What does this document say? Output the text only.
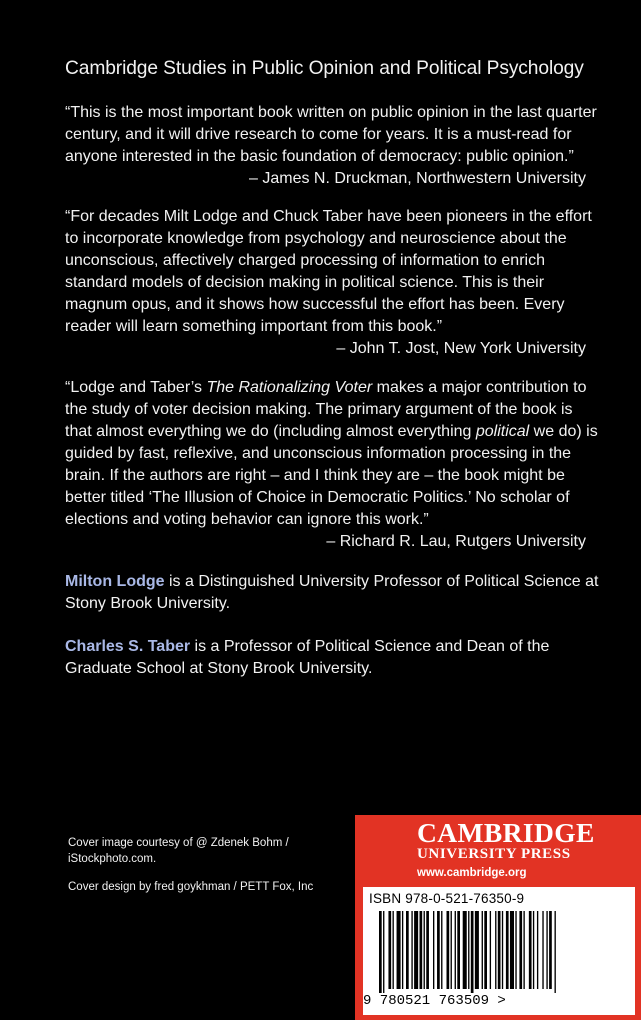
Cambridge Studies in Public Opinion and Political Psychology

“This is the most important book written on public opinion in the last quarter century, and it will drive research to come for years. It is a must-read for anyone interested in the basic foundation of democracy: public opinion.”

– James N. Druckman, Northwestern University

“For decades Milt Lodge and Chuck Taber have been pioneers in the effort to incorporate knowledge from psychology and neuroscience about the unconscious, affectively charged processing of information to enrich standard models of decision making in political science. This is their magnum opus, and it shows how successful the effort has been. Every reader will learn something important from this book.”

– John T. Jost, New York University

“Lodge and Taber’s The Rationalizing Voter makes a major contribution to the study of voter decision making. The primary argument of the book is that almost everything we do (including almost everything political we do) is guided by fast, reflexive, and unconscious information processing in the brain. If the authors are right – and I think they are – the book might be better titled ‘The Illusion of Choice in Democratic Politics.’ No scholar of elections and voting behavior can ignore this work.”

– Richard R. Lau, Rutgers University

Milton Lodge is a Distinguished University Professor of Political Science at Stony Brook University.

Charles S. Taber is a Professor of Political Science and Dean of the Graduate School at Stony Brook University.

Cover image courtesy of @ Zdenek Bohm / iStockphoto.com.

Cover design by fred goykhman / PETT Fox, Inc

CAMBRIDGE
UNIVERSITY PRESS
www.cambridge.org
ISBN 978-0-521-76350-9
9 780521 763509 >
